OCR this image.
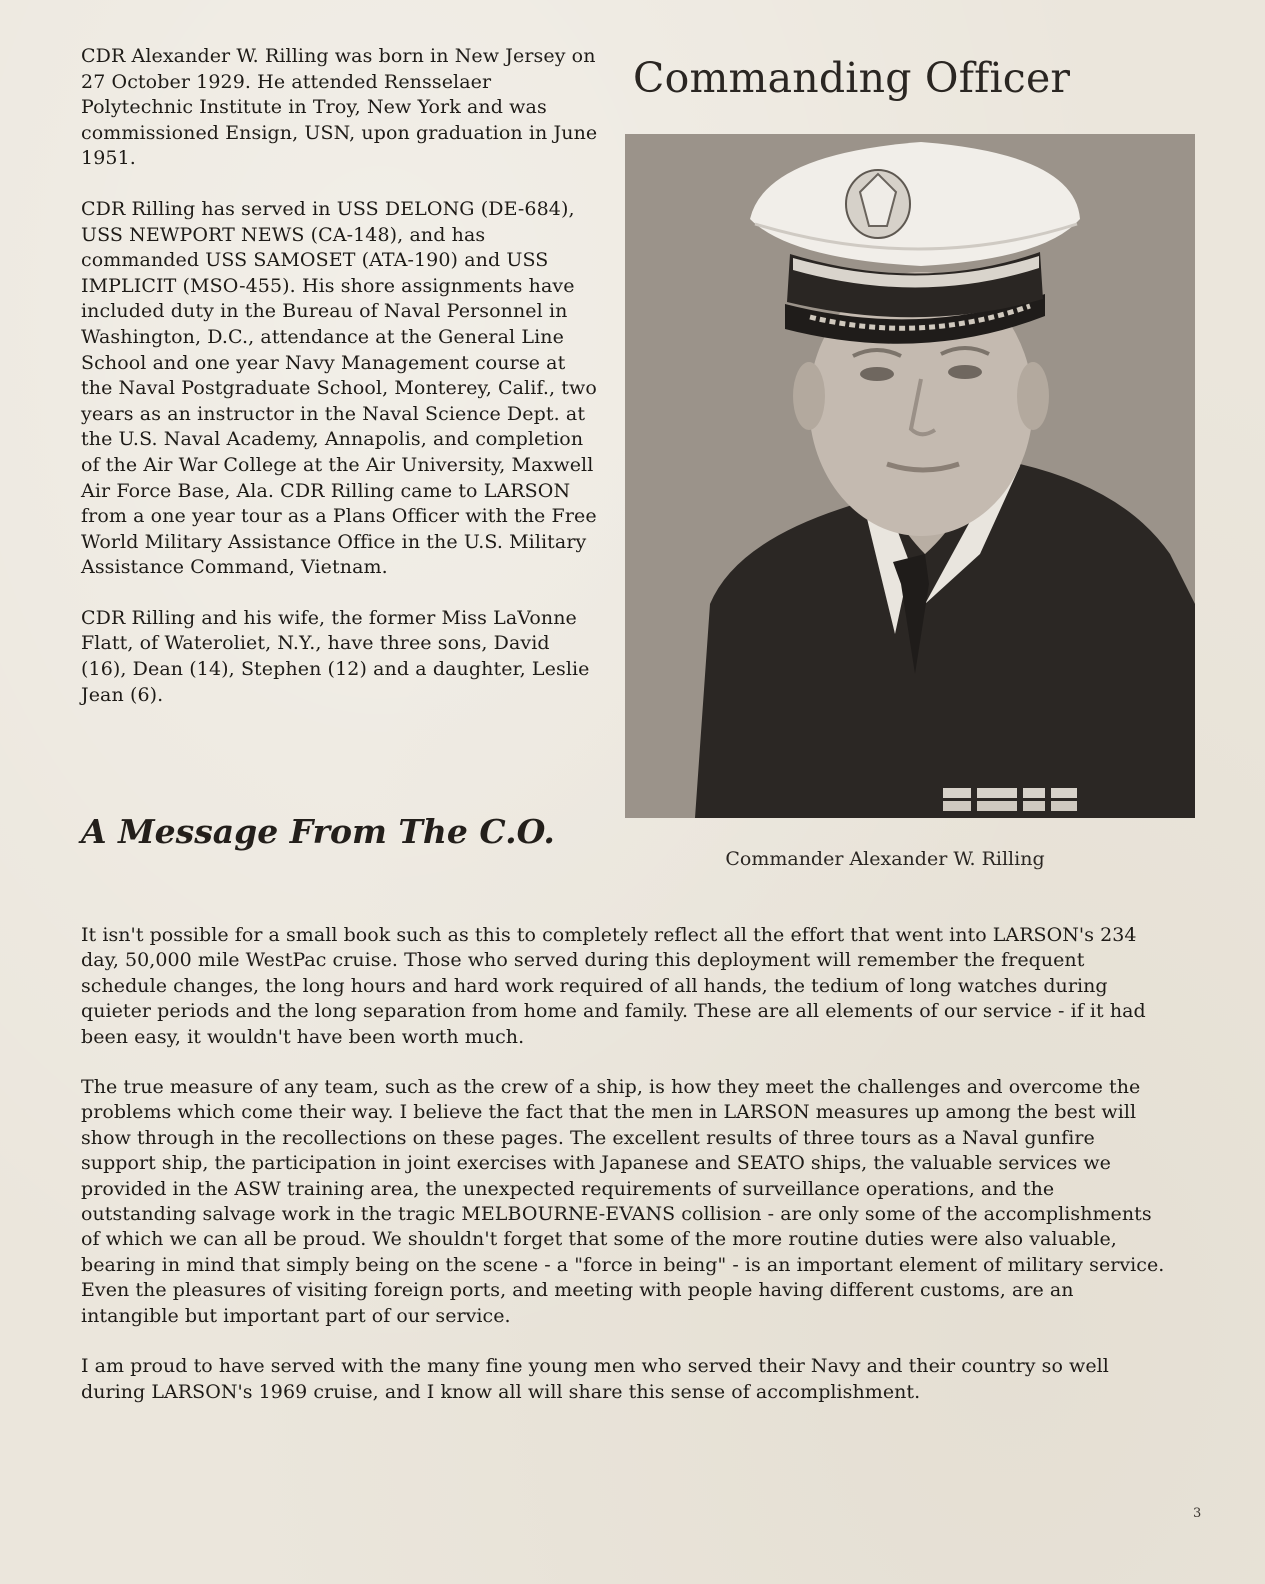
CDR Alexander W. Rilling was born in New Jersey on 27 October 1929. He attended Rensselaer Polytechnic Institute in Troy, New York and was commissioned Ensign, USN, upon graduation in June 1951.

CDR Rilling has served in USS DELONG (DE-684), USS NEWPORT NEWS (CA-148), and has commanded USS SAMOSET (ATA-190) and USS IMPLICIT (MSO-455). His shore assignments have included duty in the Bureau of Naval Personnel in Washington, D.C., attendance at the General Line School and one year Navy Management course at the Naval Postgraduate School, Monterey, Calif., two years as an instructor in the Naval Science Dept. at the U.S. Naval Academy, Annapolis, and completion of the Air War College at the Air University, Maxwell Air Force Base, Ala. CDR Rilling came to LARSON from a one year tour as a Plans Officer with the Free World Military Assistance Office in the U.S. Military Assistance Command, Vietnam.

CDR Rilling and his wife, the former Miss LaVonne Flatt, of Wateroliet, N.Y., have three sons, David (16), Dean (14), Stephen (12) and a daughter, Leslie Jean (6).

Commanding Officer
A Message From The C.O.
Commander Alexander W. Rilling

It isn't possible for a small book such as this to completely reflect all the effort that went into LARSON's 234 day, 50,000 mile WestPac cruise. Those who served during this deployment will remember the frequent schedule changes, the long hours and hard work required of all hands, the tedium of long watches during quieter periods and the long separation from home and family. These are all elements of our service - if it had been easy, it wouldn't have been worth much.

The true measure of any team, such as the crew of a ship, is how they meet the challenges and overcome the problems which come their way. I believe the fact that the men in LARSON measures up among the best will show through in the recollections on these pages. The excellent results of three tours as a Naval gunfire support ship, the participation in joint exercises with Japanese and SEATO ships, the valuable services we provided in the ASW training area, the unexpected requirements of surveillance operations, and the outstanding salvage work in the tragic MELBOURNE-EVANS collision - are only some of the accomplishments of which we can all be proud. We shouldn't forget that some of the more routine duties were also valuable, bearing in mind that simply being on the scene - a "force in being" - is an important element of military service. Even the pleasures of visiting foreign ports, and meeting with people having different customs, are an intangible but important part of our service.

I am proud to have served with the many fine young men who served their Navy and their country so well during LARSON's 1969 cruise, and I know all will share this sense of accomplishment.

3
